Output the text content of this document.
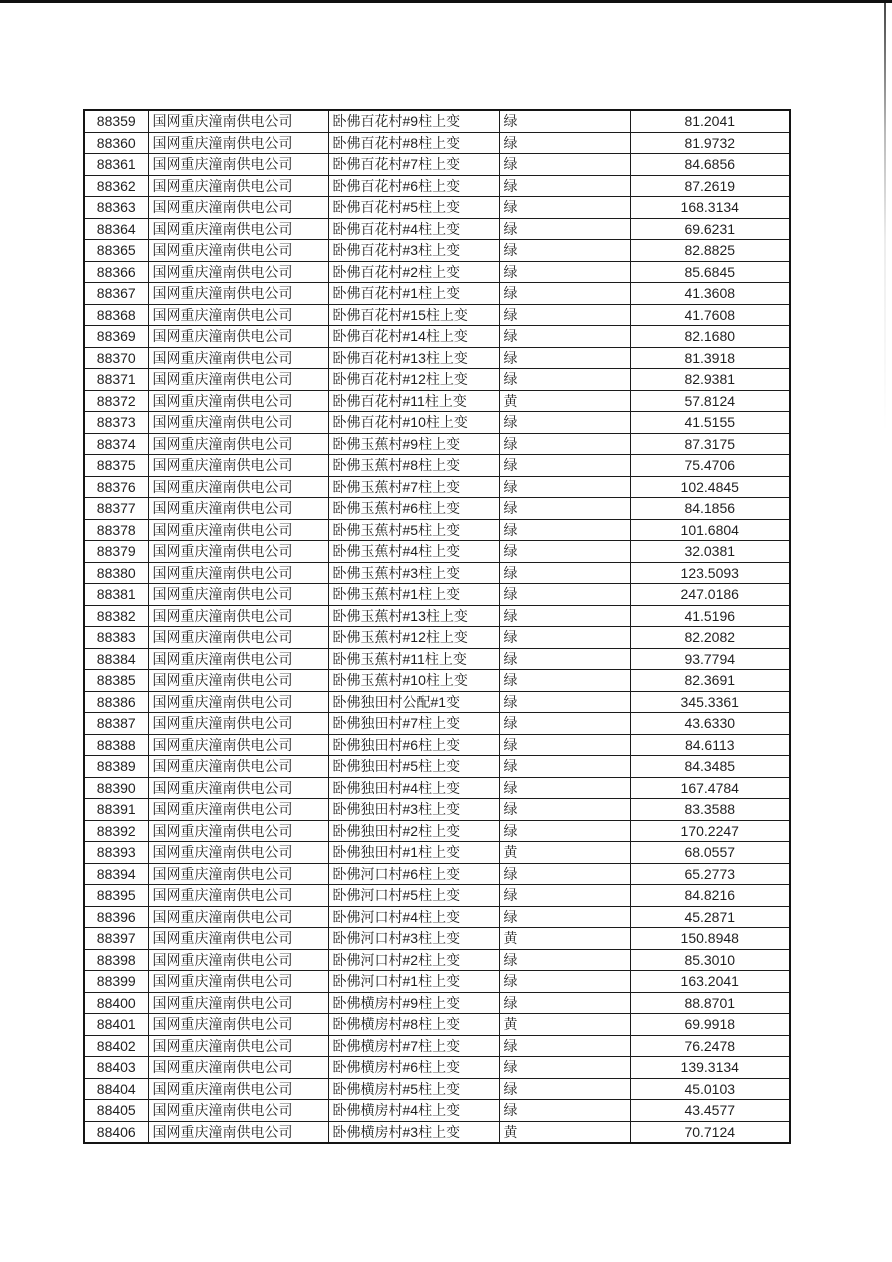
88359	国网重庆潼南供电公司	卧佛百花村#9柱上变	绿	81.2041
88360	国网重庆潼南供电公司	卧佛百花村#8柱上变	绿	81.9732
88361	国网重庆潼南供电公司	卧佛百花村#7柱上变	绿	84.6856
88362	国网重庆潼南供电公司	卧佛百花村#6柱上变	绿	87.2619
88363	国网重庆潼南供电公司	卧佛百花村#5柱上变	绿	168.3134
88364	国网重庆潼南供电公司	卧佛百花村#4柱上变	绿	69.6231
88365	国网重庆潼南供电公司	卧佛百花村#3柱上变	绿	82.8825
88366	国网重庆潼南供电公司	卧佛百花村#2柱上变	绿	85.6845
88367	国网重庆潼南供电公司	卧佛百花村#1柱上变	绿	41.3608
88368	国网重庆潼南供电公司	卧佛百花村#15柱上变	绿	41.7608
88369	国网重庆潼南供电公司	卧佛百花村#14柱上变	绿	82.1680
88370	国网重庆潼南供电公司	卧佛百花村#13柱上变	绿	81.3918
88371	国网重庆潼南供电公司	卧佛百花村#12柱上变	绿	82.9381
88372	国网重庆潼南供电公司	卧佛百花村#11柱上变	黄	57.8124
88373	国网重庆潼南供电公司	卧佛百花村#10柱上变	绿	41.5155
88374	国网重庆潼南供电公司	卧佛玉蕉村#9柱上变	绿	87.3175
88375	国网重庆潼南供电公司	卧佛玉蕉村#8柱上变	绿	75.4706
88376	国网重庆潼南供电公司	卧佛玉蕉村#7柱上变	绿	102.4845
88377	国网重庆潼南供电公司	卧佛玉蕉村#6柱上变	绿	84.1856
88378	国网重庆潼南供电公司	卧佛玉蕉村#5柱上变	绿	101.6804
88379	国网重庆潼南供电公司	卧佛玉蕉村#4柱上变	绿	32.0381
88380	国网重庆潼南供电公司	卧佛玉蕉村#3柱上变	绿	123.5093
88381	国网重庆潼南供电公司	卧佛玉蕉村#1柱上变	绿	247.0186
88382	国网重庆潼南供电公司	卧佛玉蕉村#13柱上变	绿	41.5196
88383	国网重庆潼南供电公司	卧佛玉蕉村#12柱上变	绿	82.2082
88384	国网重庆潼南供电公司	卧佛玉蕉村#11柱上变	绿	93.7794
88385	国网重庆潼南供电公司	卧佛玉蕉村#10柱上变	绿	82.3691
88386	国网重庆潼南供电公司	卧佛独田村公配#1变	绿	345.3361
88387	国网重庆潼南供电公司	卧佛独田村#7柱上变	绿	43.6330
88388	国网重庆潼南供电公司	卧佛独田村#6柱上变	绿	84.6113
88389	国网重庆潼南供电公司	卧佛独田村#5柱上变	绿	84.3485
88390	国网重庆潼南供电公司	卧佛独田村#4柱上变	绿	167.4784
88391	国网重庆潼南供电公司	卧佛独田村#3柱上变	绿	83.3588
88392	国网重庆潼南供电公司	卧佛独田村#2柱上变	绿	170.2247
88393	国网重庆潼南供电公司	卧佛独田村#1柱上变	黄	68.0557
88394	国网重庆潼南供电公司	卧佛河口村#6柱上变	绿	65.2773
88395	国网重庆潼南供电公司	卧佛河口村#5柱上变	绿	84.8216
88396	国网重庆潼南供电公司	卧佛河口村#4柱上变	绿	45.2871
88397	国网重庆潼南供电公司	卧佛河口村#3柱上变	黄	150.8948
88398	国网重庆潼南供电公司	卧佛河口村#2柱上变	绿	85.3010
88399	国网重庆潼南供电公司	卧佛河口村#1柱上变	绿	163.2041
88400	国网重庆潼南供电公司	卧佛横房村#9柱上变	绿	88.8701
88401	国网重庆潼南供电公司	卧佛横房村#8柱上变	黄	69.9918
88402	国网重庆潼南供电公司	卧佛横房村#7柱上变	绿	76.2478
88403	国网重庆潼南供电公司	卧佛横房村#6柱上变	绿	139.3134
88404	国网重庆潼南供电公司	卧佛横房村#5柱上变	绿	45.0103
88405	国网重庆潼南供电公司	卧佛横房村#4柱上变	绿	43.4577
88406	国网重庆潼南供电公司	卧佛横房村#3柱上变	黄	70.7124
